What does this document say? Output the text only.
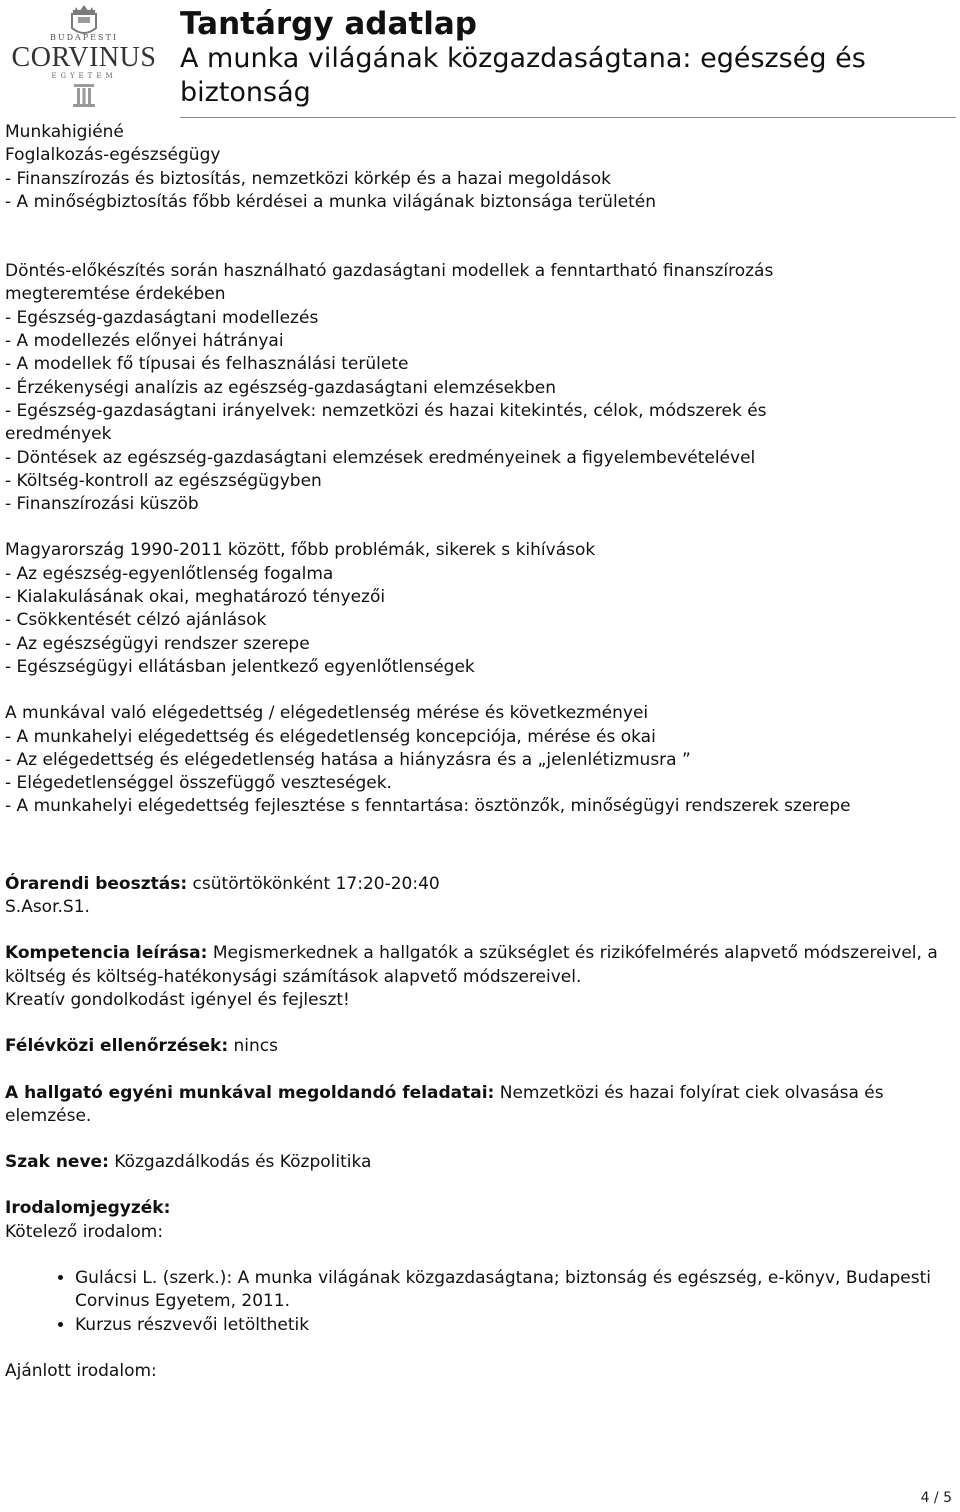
BUDAPESTI
CORVINUS
EGYETEM
Tantárgy adatlap
A munka világának közgazdaságtana: egészség és
biztonság
Munkahigiéné
Foglalkozás-egészségügy
- Finanszírozás és biztosítás, nemzetközi körkép és a hazai megoldások
- A minőségbiztosítás főbb kérdései a munka világának biztonsága területén
Döntés-előkészítés során használható gazdaságtani modellek a fenntartható finanszírozás
megteremtése érdekében
- Egészség-gazdaságtani modellezés
- A modellezés előnyei hátrányai
- A modellek fő típusai és felhasználási területe
- Érzékenységi analízis az egészség-gazdaságtani elemzésekben
- Egészség-gazdaságtani irányelvek: nemzetközi és hazai kitekintés, célok, módszerek és
eredmények
- Döntések az egészség-gazdaságtani elemzések eredményeinek a figyelembevételével
- Költség-kontroll az egészségügyben
- Finanszírozási küszöb
Magyarország 1990-2011 között, főbb problémák, sikerek s kihívások
- Az egészség-egyenlőtlenség fogalma
- Kialakulásának okai, meghatározó tényezői
- Csökkentését célzó ajánlások
- Az egészségügyi rendszer szerepe
- Egészségügyi ellátásban jelentkező egyenlőtlenségek
A munkával való elégedettség / elégedetlenség mérése és következményei
- A munkahelyi elégedettség és elégedetlenség koncepciója, mérése és okai
- Az elégedettség és elégedetlenség hatása a hiányzásra és a „jelenlétizmusra ”
- Elégedetlenséggel összefüggő veszteségek.
- A munkahelyi elégedettség fejlesztése s fenntartása: ösztönzők, minőségügyi rendszerek szerepe
Órarendi beosztás: csütörtökönként 17:20-20:40
S.Asor.S1.
Kompetencia leírása: Megismerkednek a hallgatók a szükséglet és rizikófelmérés alapvető módszereivel, a költség és költség-hatékonysági számítások alapvető módszereivel.
Kreatív gondolkodást igényel és fejleszt!
Félévközi ellenőrzések: nincs
A hallgató egyéni munkával megoldandó feladatai: Nemzetközi és hazai folyírat ciek olvasása és elemzése.
Szak neve: Közgazdálkodás és Közpolitika
Irodalomjegyzék:
Kötelező irodalom:
• Gulácsi L. (szerk.): A munka világának közgazdaságtana; biztonság és egészség, e-könyv, Budapesti Corvinus Egyetem, 2011.
• Kurzus részvevői letölthetik
Ajánlott irodalom:
4 / 5
